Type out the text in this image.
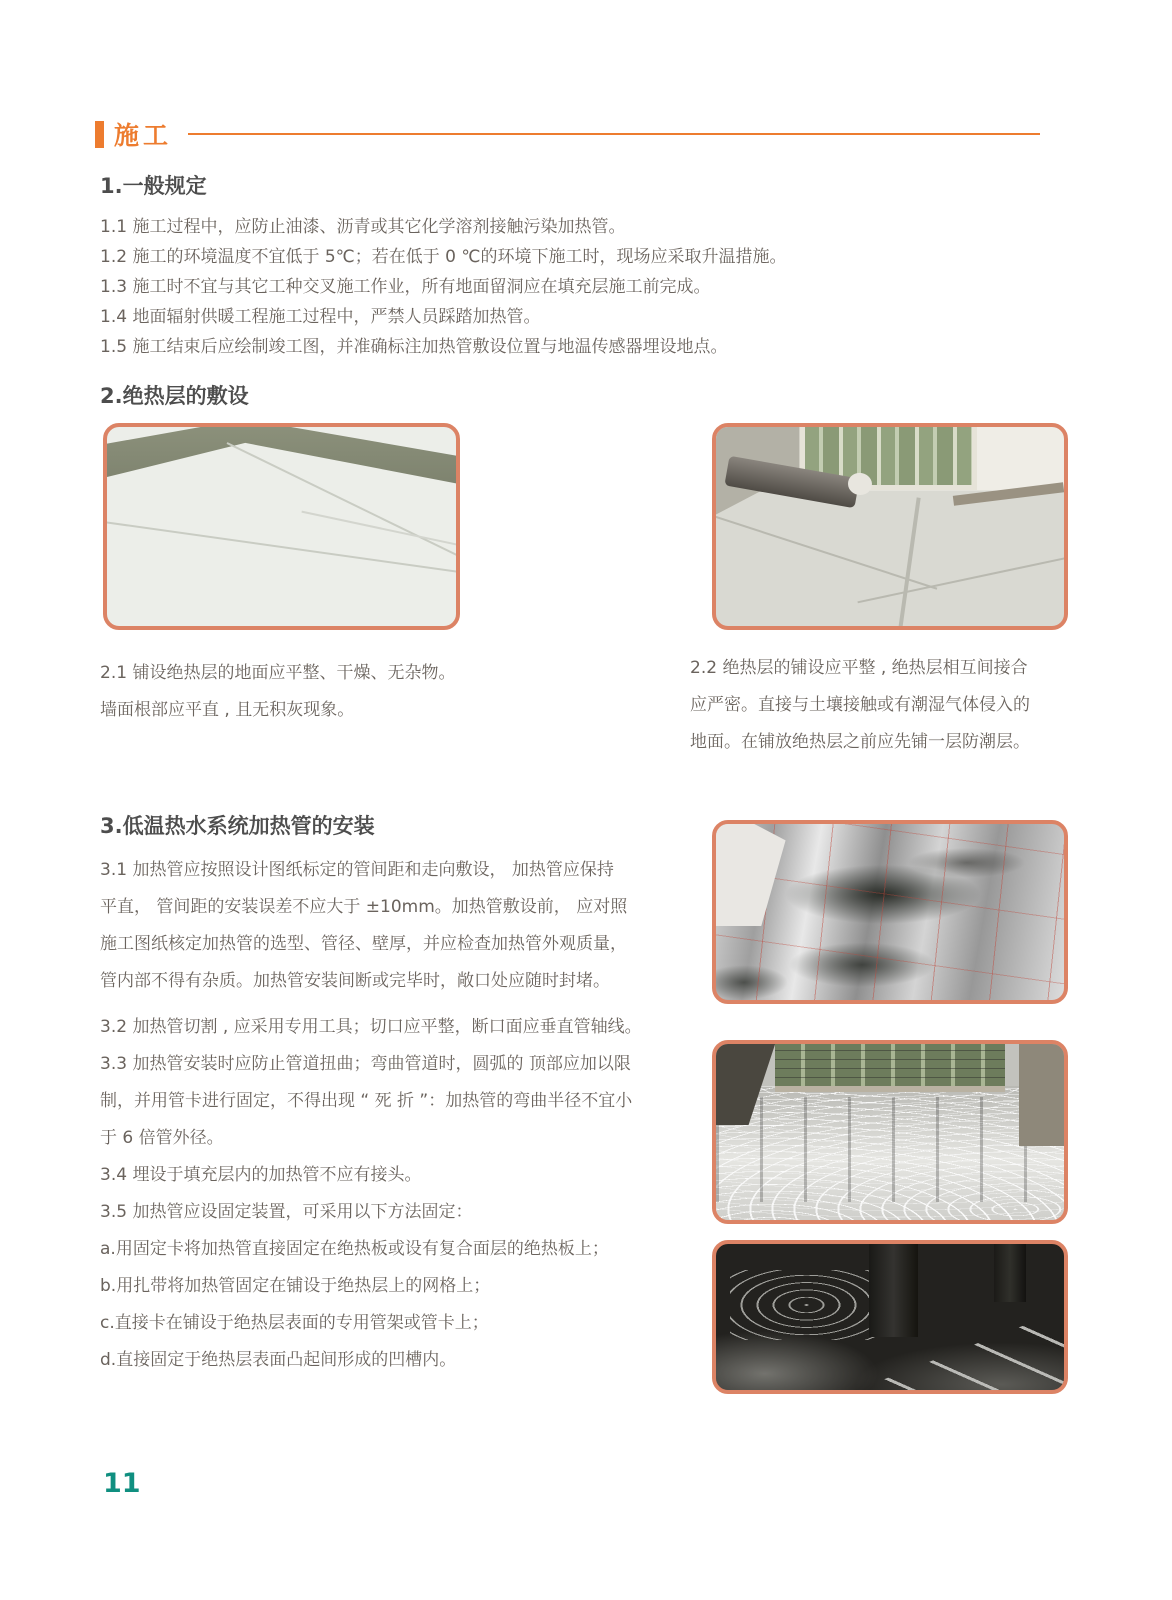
施工
1.一般规定
1.1 施工过程中，应防止油漆、沥青或其它化学溶剂接触污染加热管。
1.2 施工的环境温度不宜低于 5℃；若在低于 0 ℃的环境下施工时，现场应采取升温措施。
1.3 施工时不宜与其它工种交叉施工作业，所有地面留洞应在填充层施工前完成。
1.4 地面辐射供暖工程施工过程中，严禁人员踩踏加热管。
1.5 施工结束后应绘制竣工图，并准确标注加热管敷设位置与地温传感器埋设地点。
2.绝热层的敷设
2.1 铺设绝热层的地面应平整、干燥、无杂物。
墙面根部应平直 , 且无积灰现象。
2.2 绝热层的铺设应平整 , 绝热层相互间接合
应严密。直接与土壤接触或有潮湿气体侵入的
地面。在铺放绝热层之前应先铺一层防潮层。
3.低温热水系统加热管的安装
3.1 加热管应按照设计图纸标定的管间距和走向敷设， 加热管应保持
平直， 管间距的安装误差不应大于 ±10mm。加热管敷设前， 应对照
施工图纸核定加热管的选型、管径、壁厚，并应检查加热管外观质量，
管内部不得有杂质。加热管安装间断或完毕时，敞口处应随时封堵。
3.2 加热管切割 , 应采用专用工具；切口应平整，断口面应垂直管轴线。
3.3 加热管安装时应防止管道扭曲；弯曲管道时，圆弧的 顶部应加以限
制，并用管卡进行固定，不得出现 “ 死 折 ”：加热管的弯曲半径不宜小
于 6 倍管外径。
3.4 埋设于填充层内的加热管不应有接头。
3.5 加热管应设固定装置，可采用以下方法固定：
a.用固定卡将加热管直接固定在绝热板或设有复合面层的绝热板上；
b.用扎带将加热管固定在铺设于绝热层上的网格上；
c.直接卡在铺设于绝热层表面的专用管架或管卡上；
d.直接固定于绝热层表面凸起间形成的凹槽内。
11
